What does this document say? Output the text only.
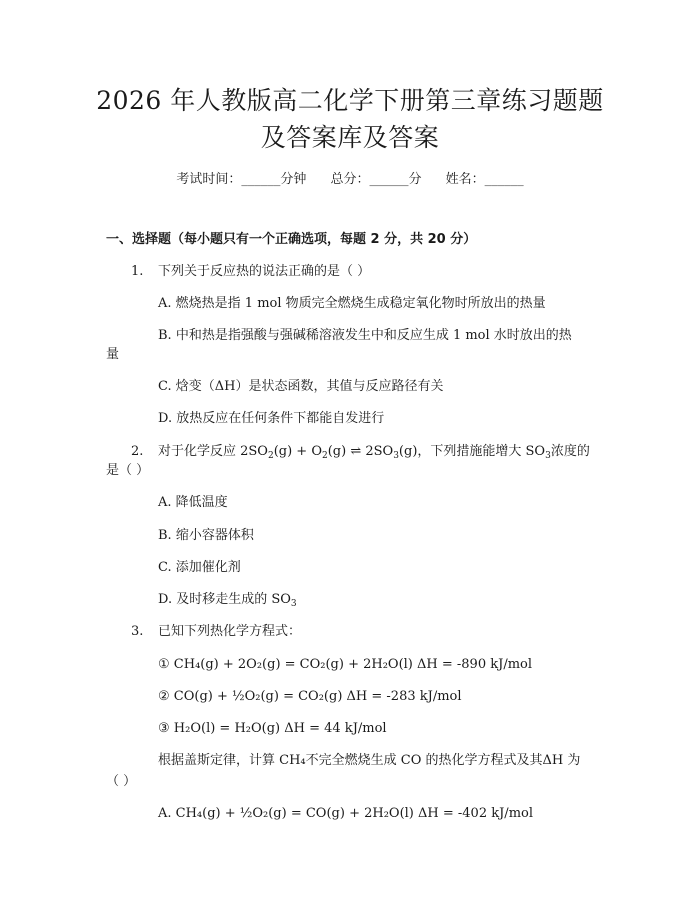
2026 年人教版高二化学下册第三章练习题题
及答案库及答案
考试时间：______分钟 总分：______分 姓名：______
一、选择题（每小题只有一个正确选项，每题 2 分，共 20 分）
1. 下列关于反应热的说法正确的是（ ）
A. 燃烧热是指 1 mol 物质完全燃烧生成稳定氧化物时所放出的热量
B. 中和热是指强酸与强碱稀溶液发生中和反应生成 1 mol 水时放出的热
量
C. 焓变（ΔH）是状态函数，其值与反应路径有关
D. 放热反应在任何条件下都能自发进行
2. 对于化学反应 $2SO_2(g) + O_2(g)$ ⇌ $2SO_3(g)$，下列措施能增大 $SO_3$浓度的
是（ ）
A. 降低温度
B. 缩小容器体积
C. 添加催化剂
D. 及时移走生成的 $SO_3$
3. 已知下列热化学方程式：
① CH₄(g) + 2O₂(g) = CO₂(g) + 2H₂O(l) ΔH = -890 kJ/mol
② CO(g) + ½O₂(g) = CO₂(g) ΔH = -283 kJ/mol
③ H₂O(l) = H₂O(g) ΔH = 44 kJ/mol
根据盖斯定律，计算 CH₄不完全燃烧生成 CO 的热化学方程式及其ΔH 为
（ ）
A. CH₄(g) + ½O₂(g) = CO(g) + 2H₂O(l) ΔH = -402 kJ/mol
